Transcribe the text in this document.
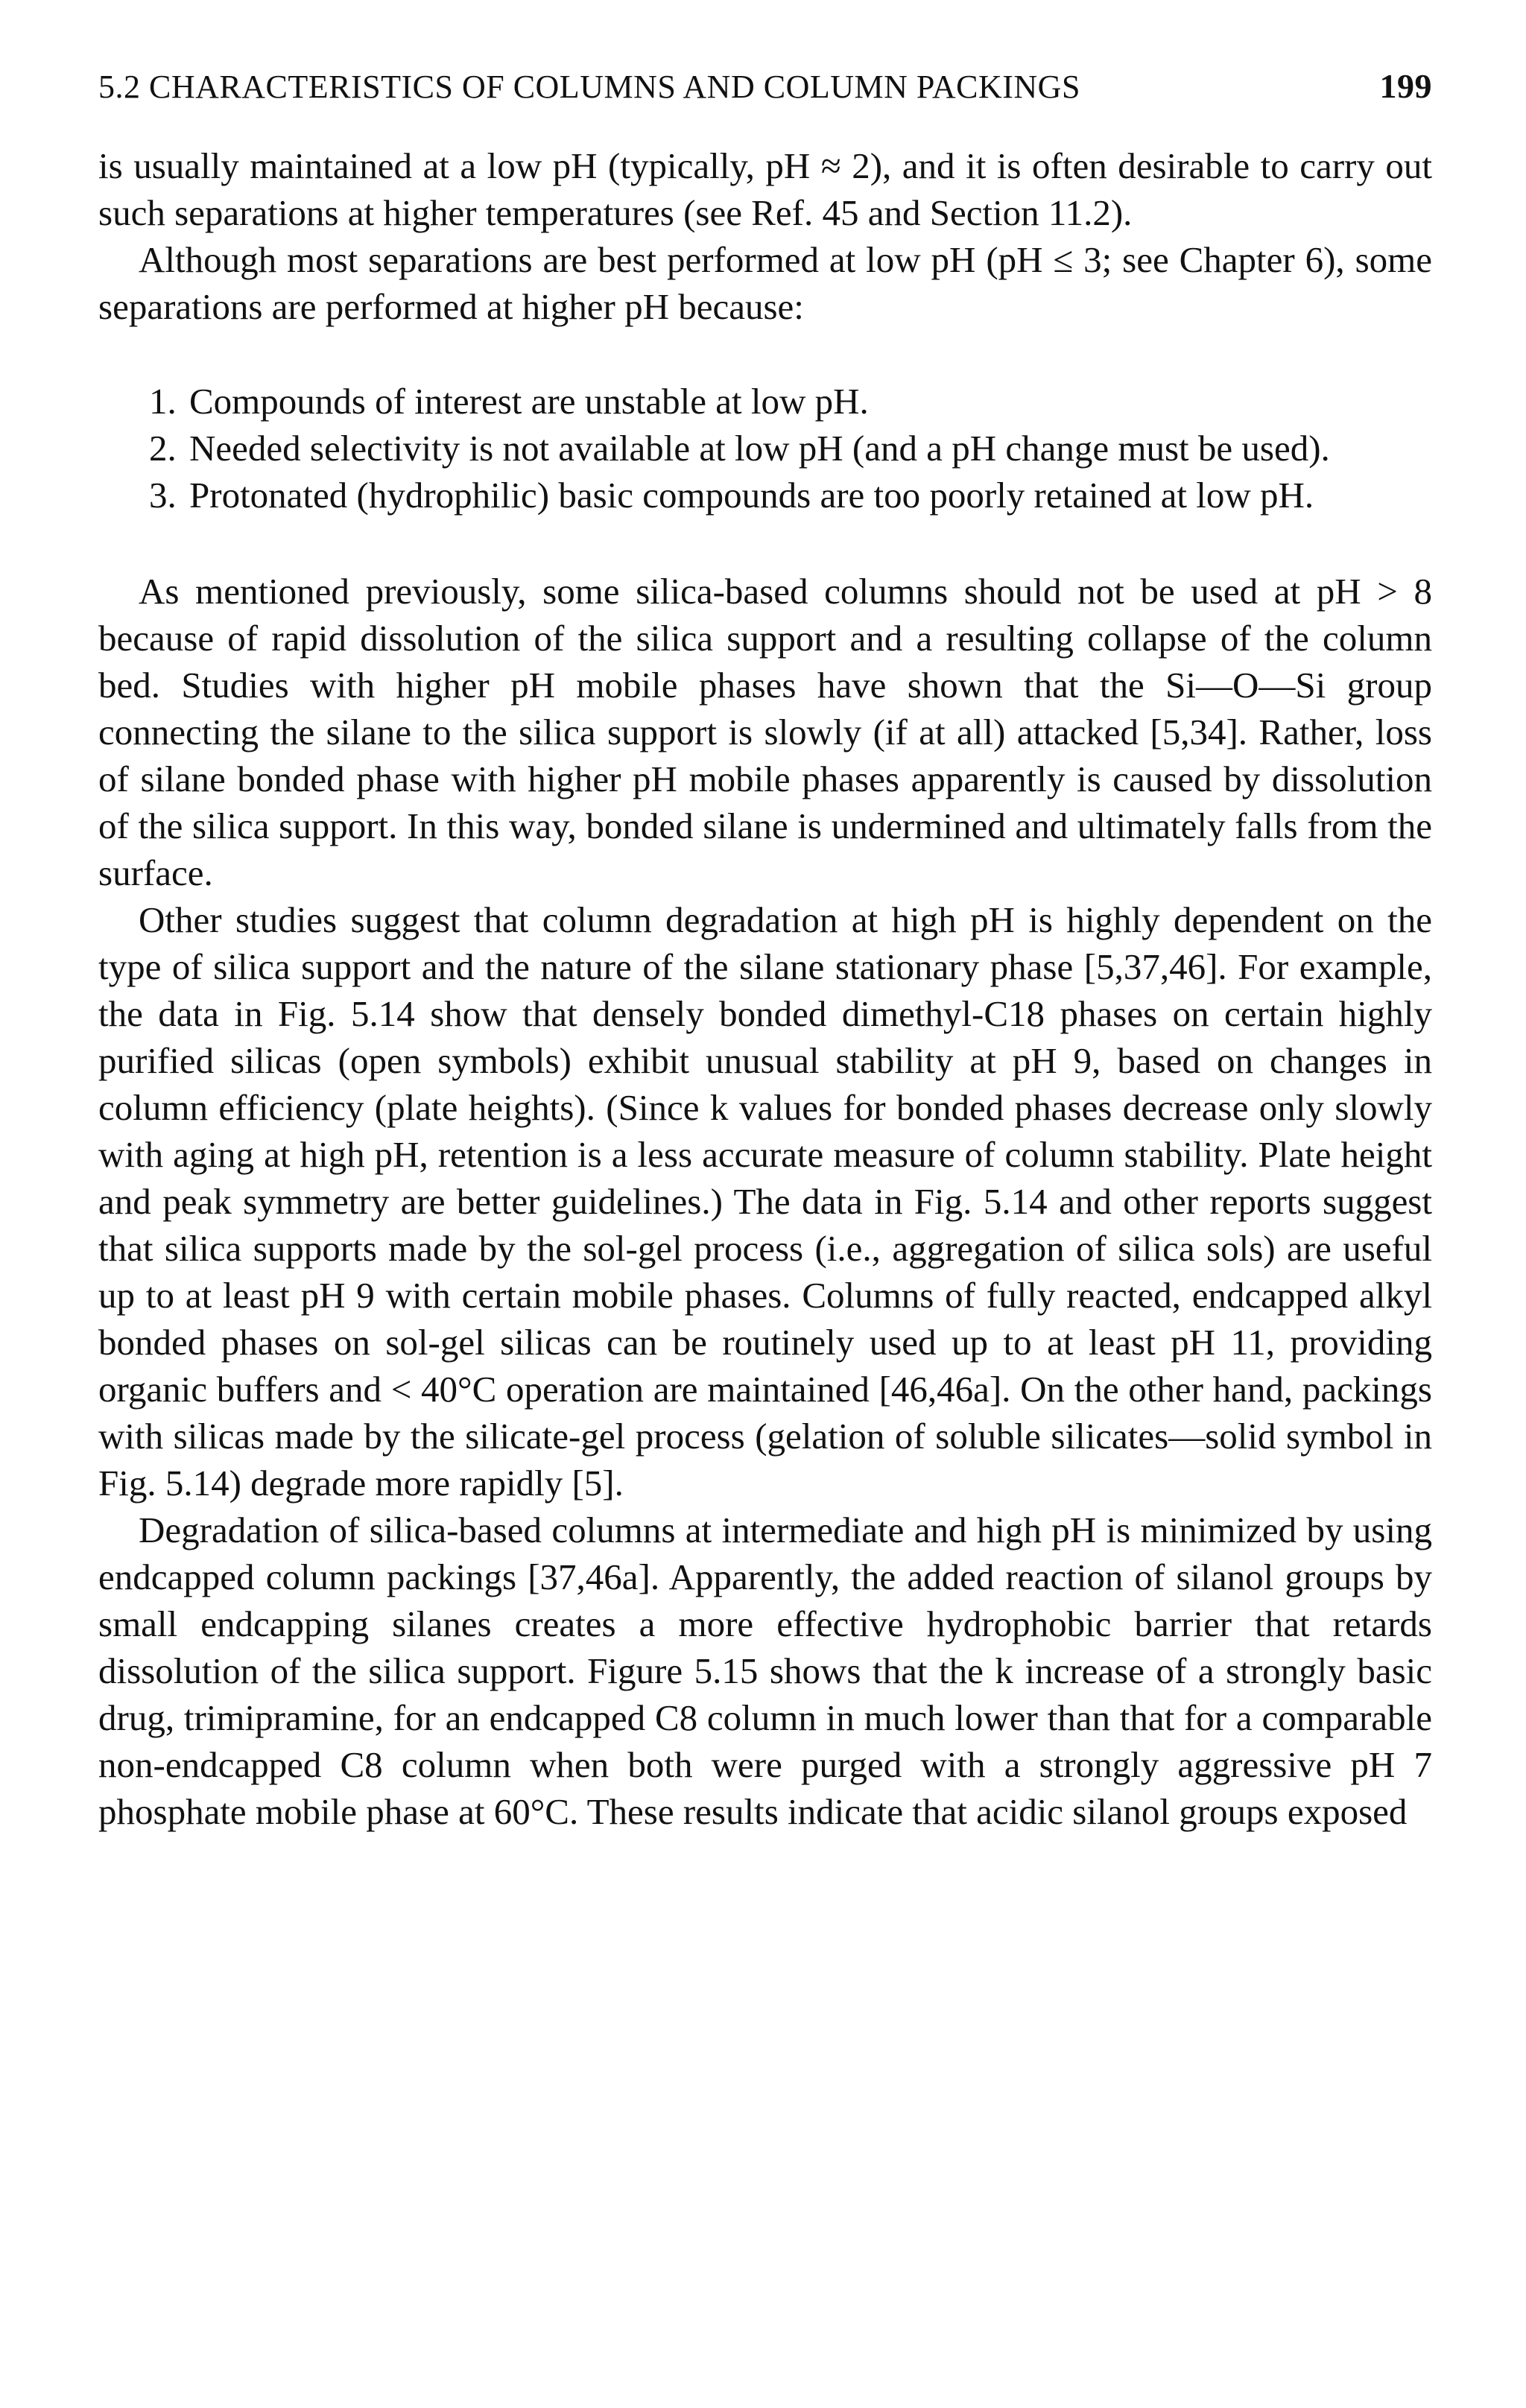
5.2 CHARACTERISTICS OF COLUMNS AND COLUMN PACKINGS	199

is usually maintained at a low pH (typically, pH ≈ 2), and it is often desirable to carry out such separations at higher temperatures (see Ref. 45 and Section 11.2).

Although most separations are best performed at low pH (pH ≤ 3; see Chapter 6), some separations are performed at higher pH because:

1. Compounds of interest are unstable at low pH.
2. Needed selectivity is not available at low pH (and a pH change must be used).
3. Protonated (hydrophilic) basic compounds are too poorly retained at low pH.

As mentioned previously, some silica-based columns should not be used at pH > 8 because of rapid dissolution of the silica support and a resulting collapse of the column bed. Studies with higher pH mobile phases have shown that the Si—O—Si group connecting the silane to the silica support is slowly (if at all) attacked [5,34]. Rather, loss of silane bonded phase with higher pH mobile phases apparently is caused by dissolution of the silica support. In this way, bonded silane is undermined and ultimately falls from the surface.

Other studies suggest that column degradation at high pH is highly dependent on the type of silica support and the nature of the silane stationary phase [5,37,46]. For example, the data in Fig. 5.14 show that densely bonded dimethyl-C18 phases on certain highly purified silicas (open symbols) exhibit unusual stability at pH 9, based on changes in column efficiency (plate heights). (Since k values for bonded phases decrease only slowly with aging at high pH, retention is a less accurate measure of column stability. Plate height and peak symmetry are better guidelines.) The data in Fig. 5.14 and other reports suggest that silica supports made by the sol-gel process (i.e., aggregation of silica sols) are useful up to at least pH 9 with certain mobile phases. Columns of fully reacted, endcapped alkyl bonded phases on sol-gel silicas can be routinely used up to at least pH 11, providing organic buffers and < 40°C operation are maintained [46,46a]. On the other hand, packings with silicas made by the silicate-gel process (gelation of soluble silicates—solid symbol in Fig. 5.14) degrade more rapidly [5].

Degradation of silica-based columns at intermediate and high pH is minimized by using endcapped column packings [37,46a]. Apparently, the added reaction of silanol groups by small endcapping silanes creates a more effective hydrophobic barrier that retards dissolution of the silica support. Figure 5.15 shows that the k increase of a strongly basic drug, trimipramine, for an endcapped C8 column in much lower than that for a comparable non-endcapped C8 column when both were purged with a strongly aggressive pH 7 phosphate mobile phase at 60°C. These results indicate that acidic silanol groups exposed
